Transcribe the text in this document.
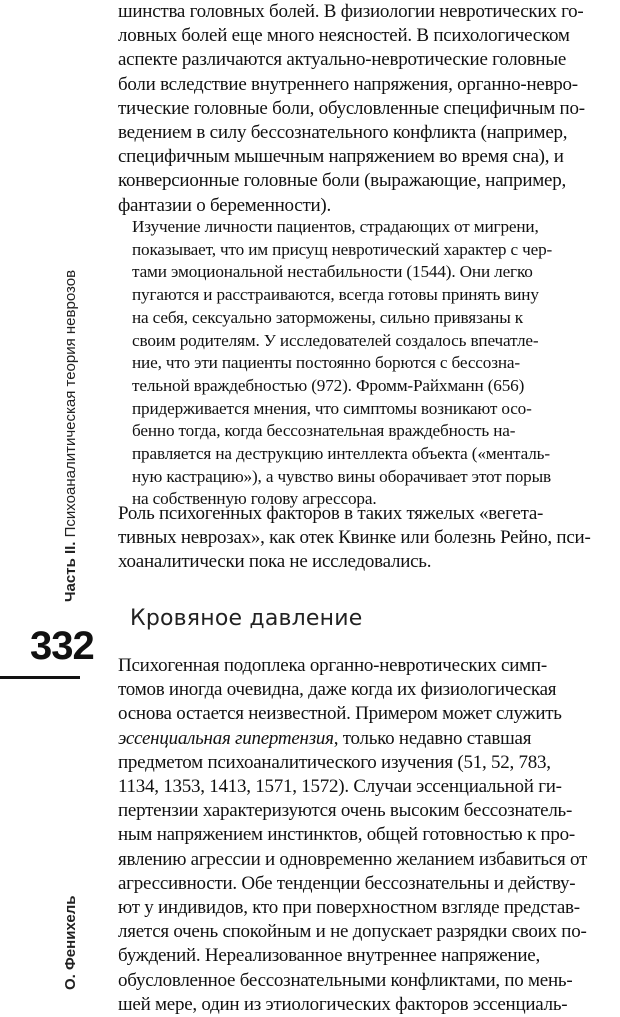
Часть II. Психоаналитическая теория неврозов
О. Фенихель
332

шинства головных болей. В физиологии невротических го-
ловных болей еще много неясностей. В психологическом
аспекте различаются актуально-невротические головные
боли вследствие внутреннего напряжения, органно-невро-
тические головные боли, обусловленные специфичным по-
ведением в силу бессознательного конфликта (например,
специфичным мышечным напряжением во время сна), и
конверсионные головные боли (выражающие, например,
фантазии о беременности).

Изучение личности пациентов, страдающих от мигрени,
показывает, что им присущ невротический характер с чер-
тами эмоциональной нестабильности (1544). Они легко
пугаются и расстраиваются, всегда готовы принять вину
на себя, сексуально заторможены, сильно привязаны к
своим родителям. У исследователей создалось впечатле-
ние, что эти пациенты постоянно борются с бессозна-
тельной враждебностью (972). Фромм-Райхманн (656)
придерживается мнения, что симптомы возникают осо-
бенно тогда, когда бессознательная враждебность на-
правляется на деструкцию интеллекта объекта («менталь-
ную кастрацию»), а чувство вины оборачивает этот порыв
на собственную голову агрессора.

Роль психогенных факторов в таких тяжелых «вегета-
тивных неврозах», как отек Квинке или болезнь Рейно, пси-
хоаналитически пока не исследовались.

Кровяное давление

Психогенная подоплека органно-невротических симп-
томов иногда очевидна, даже когда их физиологическая
основа остается неизвестной. Примером может служить
эссенциальная гипертензия, только недавно ставшая
предметом психоаналитического изучения (51, 52, 783,
1134, 1353, 1413, 1571, 1572). Случаи эссенциальной ги-
пертензии характеризуются очень высоким бессознатель-
ным напряжением инстинктов, общей готовностью к про-
явлению агрессии и одновременно желанием избавиться от
агрессивности. Обе тенденции бессознательны и действу-
ют у индивидов, кто при поверхностном взгляде представ-
ляется очень спокойным и не допускает разрядки своих по-
буждений. Нереализованное внутреннее напряжение,
обусловленное бессознательными конфликтами, по мень-
шей мере, один из этиологических факторов эссенциаль-
